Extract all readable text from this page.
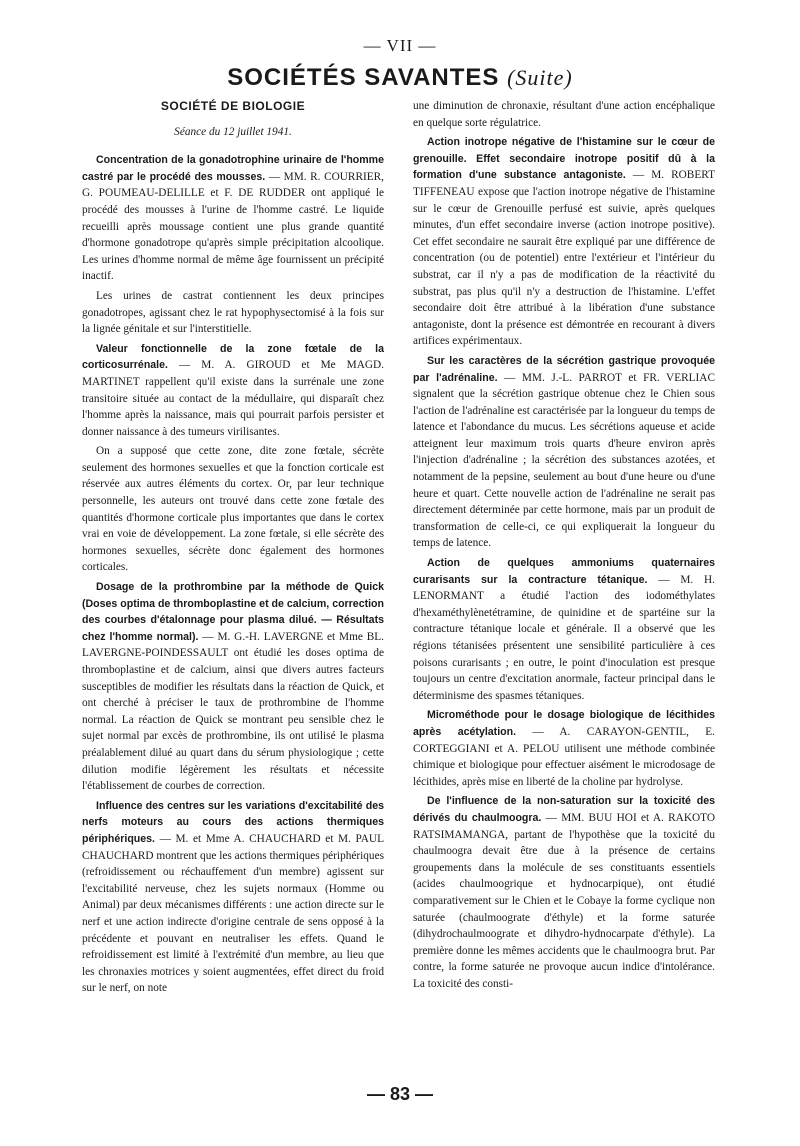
— VII —
SOCIÉTÉS SAVANTES (Suite)
SOCIÉTÉ DE BIOLOGIE
Séance du 12 juillet 1941.

Concentration de la gonadotrophine urinaire de l'homme castré par le procédé des mousses. — MM. R. COURRIER, G. POUMEAU-DELILLE et F. DE RUDDER ont appliqué le procédé des mousses à l'urine de l'homme castré. Le liquide recueilli après moussage contient une plus grande quantité d'hormone gonadotrope qu'après simple précipitation alcoolique. Les urines d'homme normal de même âge fournissent un précipité inactif.

Les urines de castrat contiennent les deux principes gonadotropes, agissant chez le rat hypophysectomisé à la fois sur la lignée génitale et sur l'interstitielle.

Valeur fonctionnelle de la zone fœtale de la corticosurrénale. — M. A. GIROUD et Me MAGD. MARTINET rappellent qu'il existe dans la surrénale une zone transitoire située au contact de la médullaire, qui disparaît chez l'homme après la naissance, mais qui pourrait parfois persister et donner naissance à des tumeurs virilisantes.

On a supposé que cette zone, dite zone fœtale, sécrète seulement des hormones sexuelles et que la fonction corticale est réservée aux autres éléments du cortex. Or, par leur technique personnelle, les auteurs ont trouvé dans cette zone fœtale des quantités d'hormone corticale plus importantes que dans le cortex vrai en voie de développement. La zone fœtale, si elle sécrète des hormones sexuelles, sécrète donc également des hormones corticales.

Dosage de la prothrombine par la méthode de Quick (Doses optima de thromboplastine et de calcium, correction des courbes d'étalonnage pour plasma dilué. — Résultats chez l'homme normal). — M. G.-H. LAVERGNE et Mme BL. LAVERGNE-POINDESSAULT ont étudié les doses optima de thromboplastine et de calcium, ainsi que divers autres facteurs susceptibles de modifier les résultats dans la réaction de Quick, et ont cherché à préciser le taux de prothrombine de l'homme normal. La réaction de Quick se montrant peu sensible chez le sujet normal par excès de prothrombine, ils ont utilisé le plasma préalablement dilué au quart dans du sérum physiologique ; cette dilution modifie légèrement les résultats et nécessite l'établissement de courbes de correction.

Influence des centres sur les variations d'excitabilité des nerfs moteurs au cours des actions thermiques périphériques. — M. et Mme A. CHAUCHARD et M. PAUL CHAUCHARD montrent que les actions thermiques périphériques (refroidissement ou réchauffement d'un membre) agissent sur l'excitabilité nerveuse, chez les sujets normaux (Homme ou Animal) par deux mécanismes différents : une action directe sur le nerf et une action indirecte d'origine centrale de sens opposé à la précédente et pouvant en neutraliser les effets. Quand le refroidissement est limité à l'extrémité d'un membre, au lieu que les chronaxies motrices y soient augmentées, effet direct du froid sur le nerf, on note

une diminution de chronaxie, résultant d'une action encéphalique en quelque sorte régulatrice.

Action inotrope négative de l'histamine sur le cœur de grenouille. Effet secondaire inotrope positif dû à la formation d'une substance antagoniste. — M. ROBERT TIFFENEAU expose que l'action inotrope négative de l'histamine sur le cœur de Grenouille perfusé est suivie, après quelques minutes, d'un effet secondaire inverse (action inotrope positive). Cet effet secondaire ne saurait être expliqué par une différence de concentration (ou de potentiel) entre l'extérieur et l'intérieur du substrat, car il n'y a pas de modification de la réactivité du substrat, pas plus qu'il n'y a destruction de l'histamine. L'effet secondaire doit être attribué à la libération d'une substance antagoniste, dont la présence est démontrée en recourant à divers artifices expérimentaux.

Sur les caractères de la sécrétion gastrique provoquée par l'adrénaline. — MM. J.-L. PARROT et FR. VERLIAC signalent que la sécrétion gastrique obtenue chez le Chien sous l'action de l'adrénaline est caractérisée par la longueur du temps de latence et l'abondance du mucus. Les sécrétions aqueuse et acide atteignent leur maximum trois quarts d'heure environ après l'injection d'adrénaline ; la sécrétion des substances azotées, et notamment de la pepsine, seulement au bout d'une heure ou d'une heure et quart. Cette nouvelle action de l'adrénaline ne serait pas directement déterminée par cette hormone, mais par un produit de transformation de celle-ci, ce qui expliquerait la longueur du temps de latence.

Action de quelques ammoniums quaternaires curarisants sur la contracture tétanique. — M. H. LENORMANT a étudié l'action des iodométhylates d'hexaméthylènetétramine, de quinidine et de spartéine sur la contracture tétanique locale et générale. Il a observé que les régions tétanisées présentent une sensibilité particulière à ces poisons curarisants ; en outre, le point d'inoculation est presque toujours un centre d'excitation anormale, facteur principal dans le déterminisme des spasmes tétaniques.

Microméthode pour le dosage biologique de lécithides après acétylation. — A. CARAYON-GENTIL, E. CORTEGGIANI et A. PELOU utilisent une méthode combinée chimique et biologique pour effectuer aisément le microdosage de lécithides, après mise en liberté de la choline par hydrolyse.

De l'influence de la non-saturation sur la toxicité des dérivés du chaulmoogra. — MM. BUU HOI et A. RAKOTO RATSIMAMANGA, partant de l'hypothèse que la toxicité du chaulmoogra devait être due à la présence de certains groupements dans la molécule de ses constituants essentiels (acides chaulmoogrique et hydnocarpique), ont étudié comparativement sur le Chien et le Cobaye la forme cyclique non saturée (chaulmoograte d'éthyle) et la forme saturée (dihydrochaulmoograte et dihydro-hydnocarpate d'éthyle). La première donne les mêmes accidents que le chaulmoogra brut. Par contre, la forme saturée ne provoque aucun indice d'intolérance. La toxicité des consti-

— 83 —
